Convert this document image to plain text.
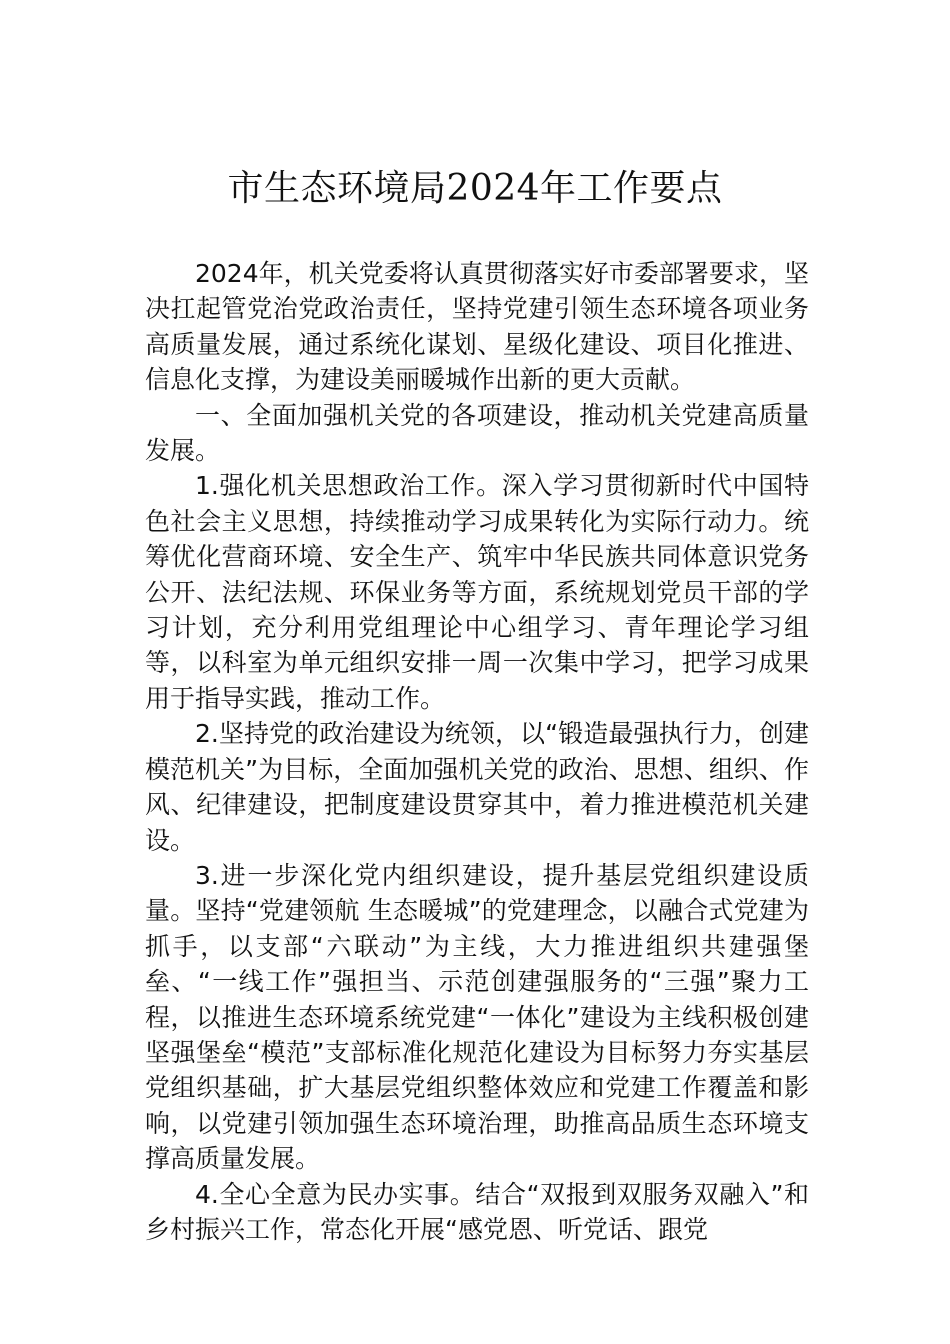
市生态环境局2024年工作要点

2024年，机关党委将认真贯彻落实好市委部署要求，坚决扛起管党治党政治责任，坚持党建引领生态环境各项业务高质量发展，通过系统化谋划、星级化建设、项目化推进、信息化支撑，为建设美丽暖城作出新的更大贡献。

一、全面加强机关党的各项建设，推动机关党建高质量发展。

1.强化机关思想政治工作。深入学习贯彻新时代中国特色社会主义思想，持续推动学习成果转化为实际行动力。统筹优化营商环境、安全生产、筑牢中华民族共同体意识党务公开、法纪法规、环保业务等方面，系统规划党员干部的学习计划，充分利用党组理论中心组学习、青年理论学习组等，以科室为单元组织安排一周一次集中学习，把学习成果用于指导实践，推动工作。

2.坚持党的政治建设为统领，以“锻造最强执行力，创建模范机关”为目标，全面加强机关党的政治、思想、组织、作风、纪律建设，把制度建设贯穿其中，着力推进模范机关建设。

3.进一步深化党内组织建设，提升基层党组织建设质量。坚持“党建领航 生态暖城”的党建理念，以融合式党建为抓手，以支部“六联动”为主线，大力推进组织共建强堡垒、“一线工作”强担当、示范创建强服务的“三强”聚力工程，以推进生态环境系统党建“一体化”建设为主线积极创建坚强堡垒“模范”支部标准化规范化建设为目标努力夯实基层党组织基础，扩大基层党组织整体效应和党建工作覆盖和影响，以党建引领加强生态环境治理，助推高品质生态环境支撑高质量发展。

4.全心全意为民办实事。结合“双报到双服务双融入”和乡村振兴工作，常态化开展“感党恩、听党话、跟党
